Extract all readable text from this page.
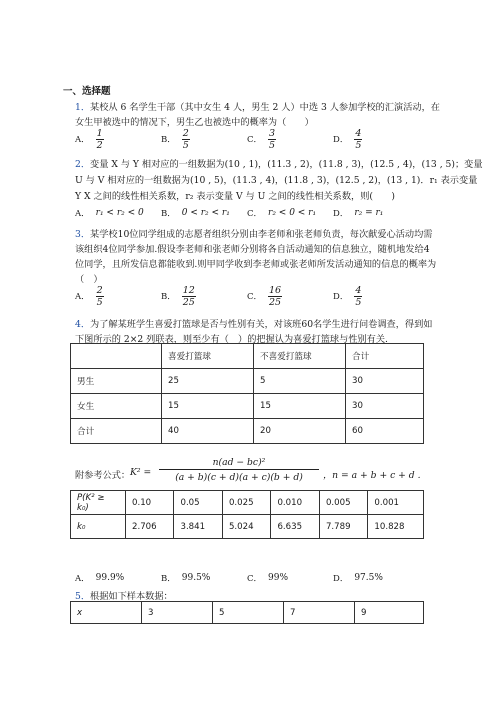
一、选择题
1．某校从 6 名学生干部（其中女生 4 人，男生 2 人）中选 3 人参加学校的汇演活动，在
女生甲被选中的情况下，男生乙也被选中的概率为（　　）
A． $\frac{1}{2}$	B． $\frac{2}{5}$	C． $\frac{3}{5}$	D． $\frac{4}{5}$
2．变量 X 与 Y 相对应的一组数据为(10 , 1)，(11.3 , 2)，(11.8 , 3)，(12.5 , 4)，(13 , 5)；变量
U 与 V 相对应的一组数据为(10 , 5)，(11.3 , 4)，(11.8 , 3)，(12.5 , 2)，(13 , 1)．r₁ 表示变量
Y X 之间的线性相关系数，r₂ 表示变量 V 与 U 之间的线性相关系数，则(　　)
A． r₁ < r₂ < 0 B． 0 < r₂ < r₁ C． r₂ < 0 < r₁ D． r₂ = r₁
3．某学校10位同学组成的志愿者组织分别由李老师和张老师负责，每次献爱心活动均需
该组织4位同学参加.假设李老师和张老师分别将各自活动通知的信息独立，随机地发给4
位同学，且所发信息都能收到.则甲同学收到李老师或张老师所发活动通知的信息的概率为
（　）
A． $\frac{2}{5}$	B． $\frac{12}{25}$	C． $\frac{16}{25}$	D． $\frac{4}{5}$
4．为了解某班学生喜爱打篮球是否与性别有关，对该班60名学生进行问卷调查，得到如
下图所示的 2×2 列联表，则至少有（　）的把握认为喜爱打篮球与性别有关.
	喜爱打篮球	不喜爱打篮球	合计
男生	25	5	30
女生	15	15	30
合计	40	20	60
附参考公式： $K^2 = \frac{\text{n(ad − bc)²}}{(a + b)(c + d)(a + c)(b + d)}$ ，n = a + b + c + d .
P(K² ≥ k₀)	0.10	0.05	0.025	0.010	0.005	0.001
k₀	2.706	3.841	5.024	6.635	7.789	10.828
A． 99.9%	B． 99.5%	C． 99%	D． 97.5%
5．根据如下样本数据：
x	3	5	7	9
